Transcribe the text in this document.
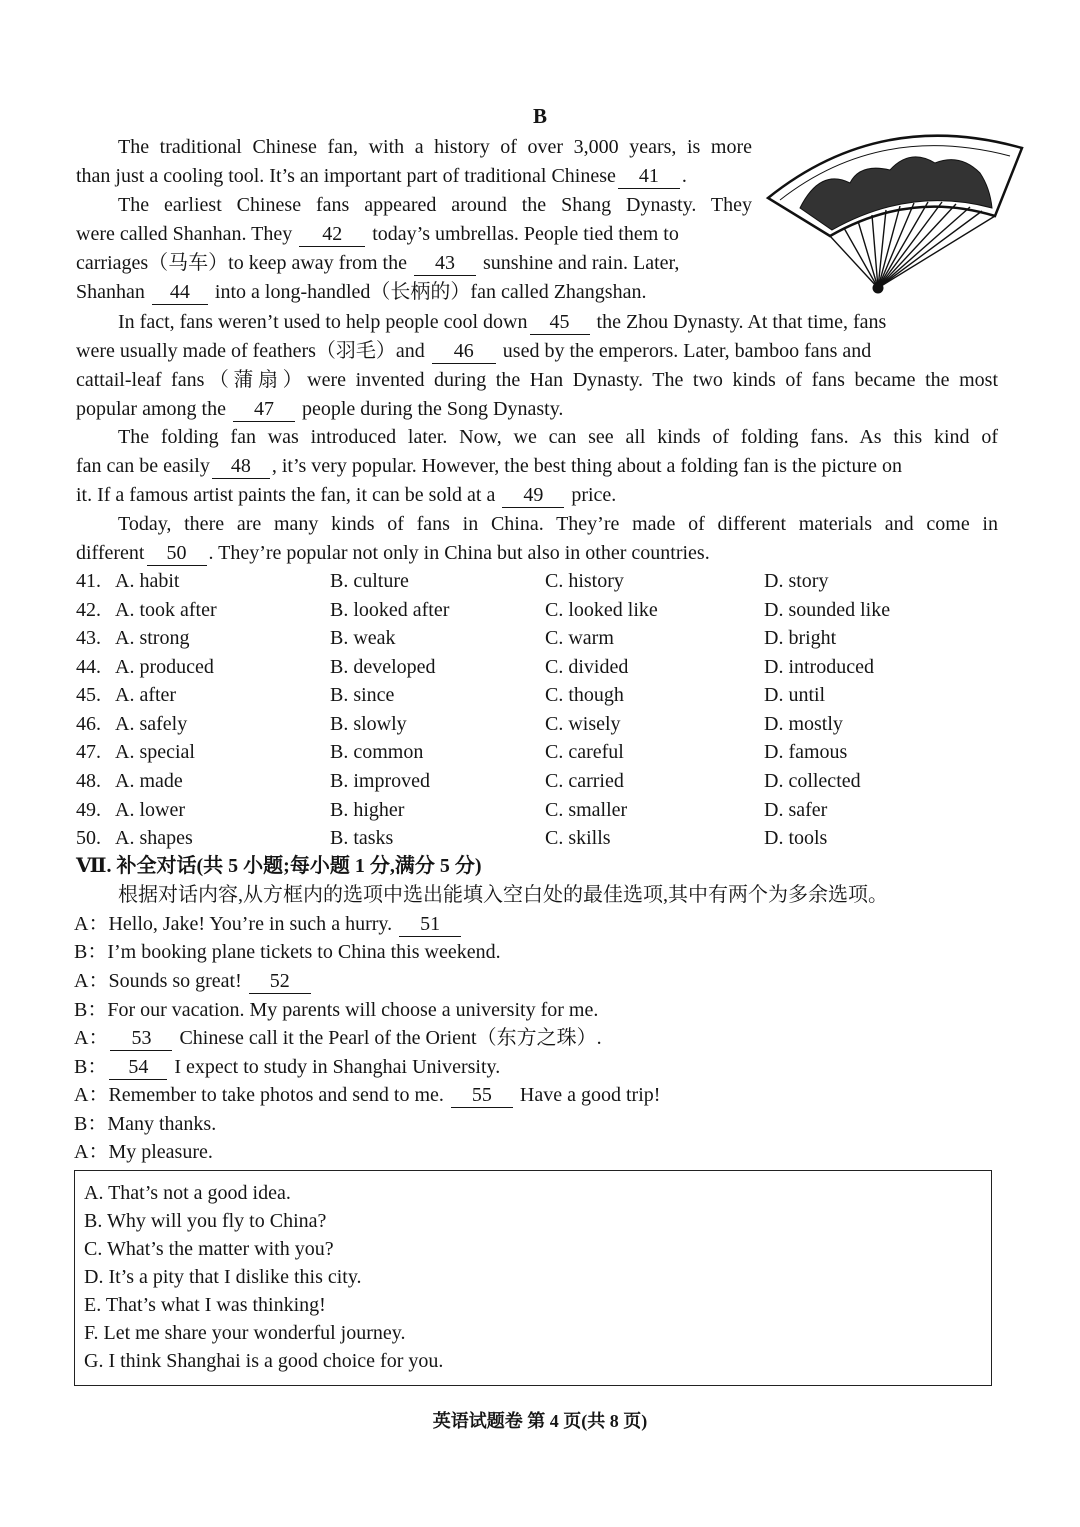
B
The traditional Chinese fan, with a history of over 3,000 years, is more
than just a cooling tool. It’s an important part of traditional Chinese 41 .
The earliest Chinese fans appeared around the Shang Dynasty. They
were called Shanhan. They 42 today’s umbrellas. People tied them to
carriages（马车）to keep away from the 43 sunshine and rain. Later,
Shanhan 44 into a long-handled（长柄的）fan called Zhangshan.
In fact, fans weren’t used to help people cool down 45 the Zhou Dynasty. At that time, fans
were usually made of feathers（羽毛）and 46 used by the emperors. Later, bamboo fans and
cattail-leaf fans（蒲扇）were invented during the Han Dynasty. The two kinds of fans became the most
popular among the 47 people during the Song Dynasty.
The folding fan was introduced later. Now, we can see all kinds of folding fans. As this kind of
fan can be easily 48 , it’s very popular. However, the best thing about a folding fan is the picture on
it. If a famous artist paints the fan, it can be sold at a 49 price.
Today, there are many kinds of fans in China. They’re made of different materials and come in
different 50 . They’re popular not only in China but also in other countries.
41. A. habit	B. culture	C. history	D. story
42. A. took after	B. looked after	C. looked like	D. sounded like
43. A. strong	B. weak	C. warm	D. bright
44. A. produced	B. developed	C. divided	D. introduced
45. A. after	B. since	C. though	D. until
46. A. safely	B. slowly	C. wisely	D. mostly
47. A. special	B. common	C. careful	D. famous
48. A. made	B. improved	C. carried	D. collected
49. A. lower	B. higher	C. smaller	D. safer
50. A. shapes	B. tasks	C. skills	D. tools
Ⅶ. 补全对话(共 5 小题;每小题 1 分,满分 5 分)
根据对话内容,从方框内的选项中选出能填入空白处的最佳选项,其中有两个为多余选项。
A：Hello, Jake! You’re in such a hurry. 51
B：I’m booking plane tickets to China this weekend.
A：Sounds so great! 52
B：For our vacation. My parents will choose a university for me.
A： 53 Chinese call it the Pearl of the Orient（东方之珠）.
B： 54 I expect to study in Shanghai University.
A：Remember to take photos and send to me. 55 Have a good trip!
B：Many thanks.
A：My pleasure.
A. That’s not a good idea.
B. Why will you fly to China?
C. What’s the matter with you?
D. It’s a pity that I dislike this city.
E. That’s what I was thinking!
F. Let me share your wonderful journey.
G. I think Shanghai is a good choice for you.
英语试题卷 第 4 页(共 8 页)
